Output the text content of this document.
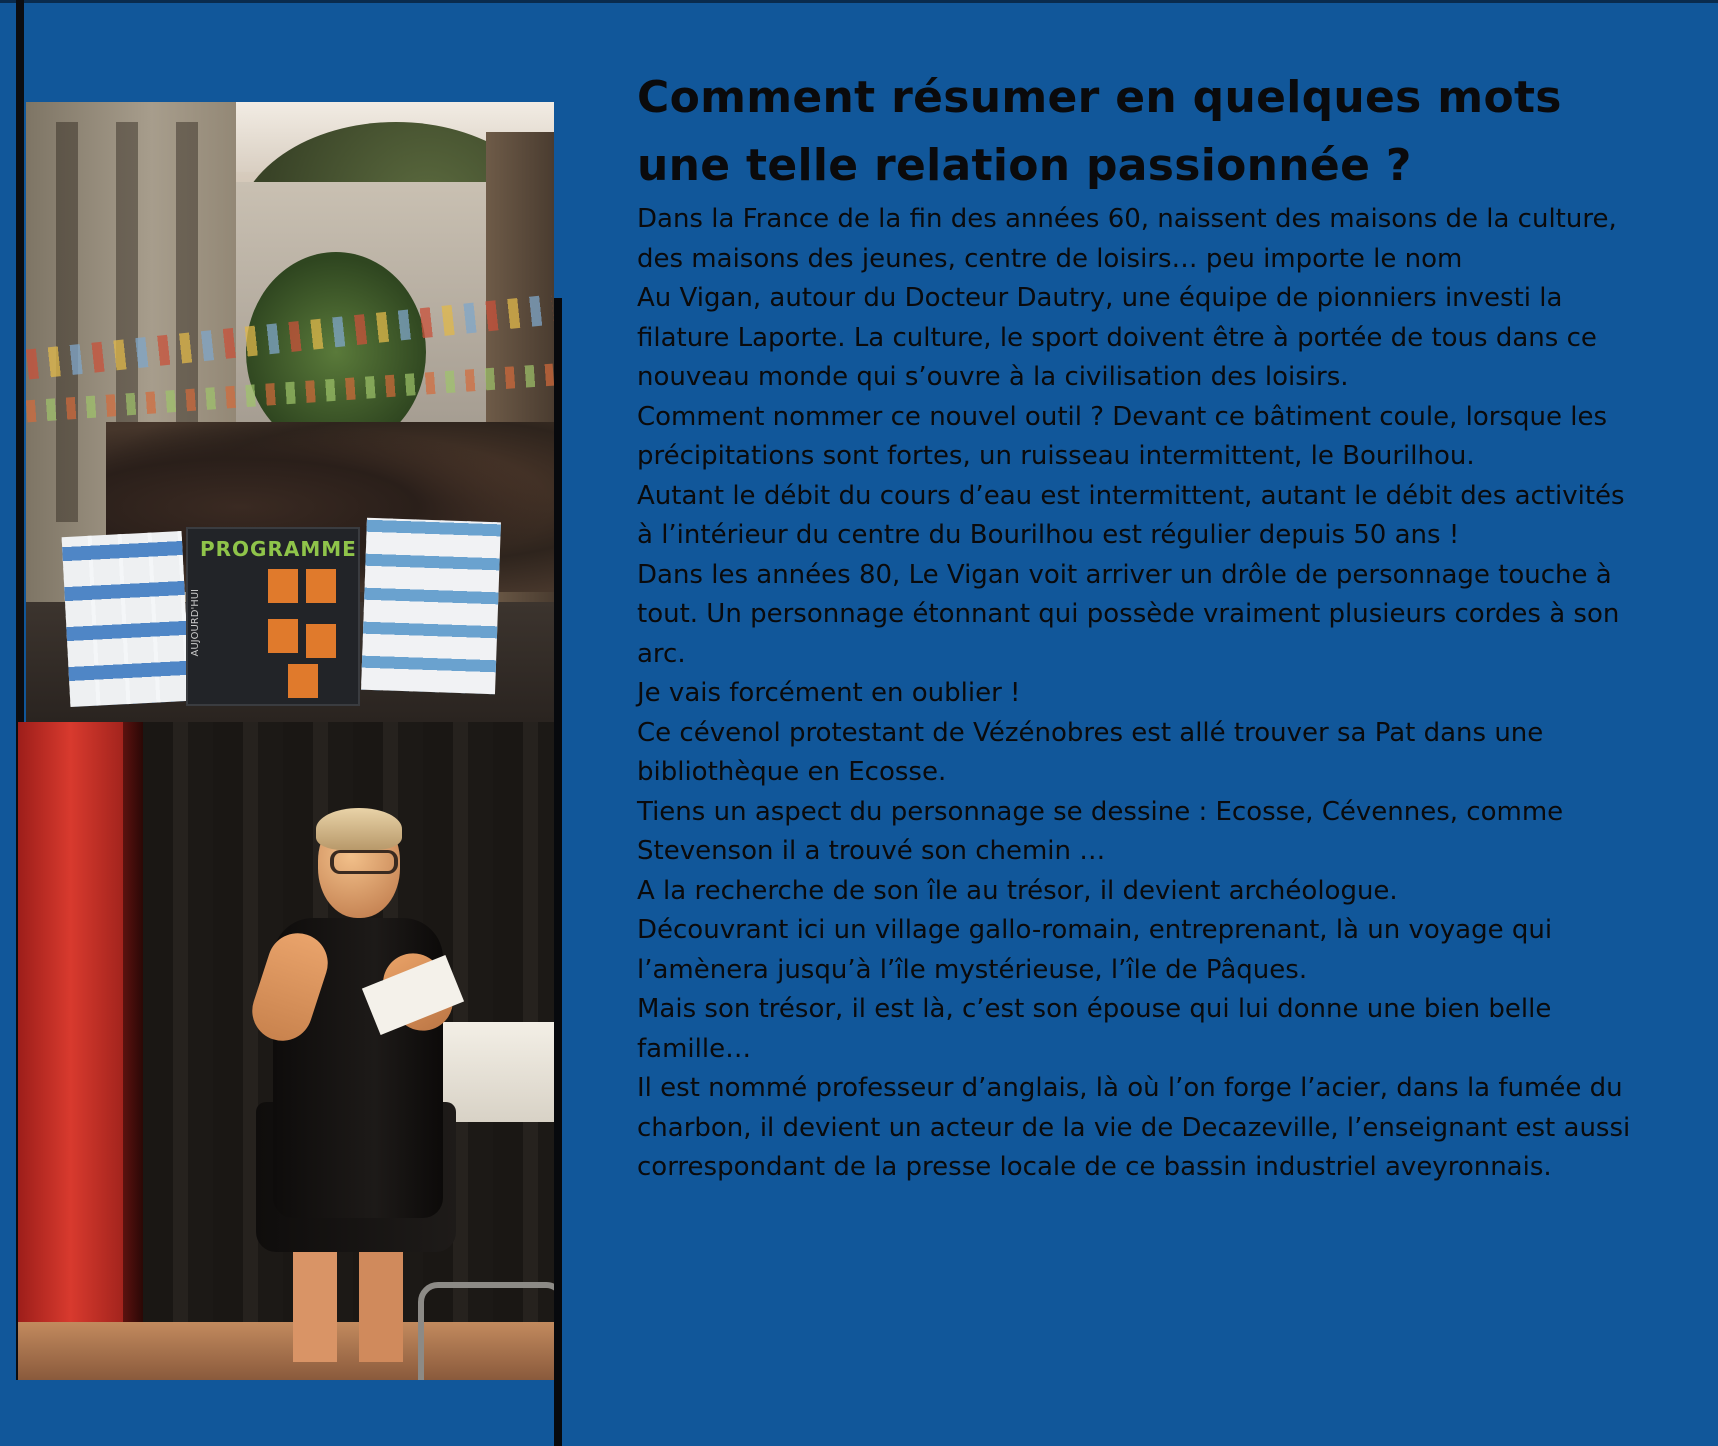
PROGRAMME
AUJOURD'HUI
Comment résumer en quelques mots une telle relation passionnée ?

Dans la France de la fin des années 60, naissent des maisons de la culture, des maisons des jeunes, centre de loisirs… peu importe le nom

Au Vigan, autour du Docteur Dautry, une équipe de pionniers investi la filature Laporte. La culture, le sport doivent être à portée de tous dans ce nouveau monde qui s’ouvre à la civilisation des loisirs.

Comment nommer ce nouvel outil ? Devant ce bâtiment coule, lorsque les précipitations sont fortes, un ruisseau intermittent, le Bourilhou.

Autant le débit du cours d’eau est intermittent, autant le débit des activités à l’intérieur du centre du Bourilhou est régulier depuis 50 ans !

Dans les années 80, Le Vigan voit arriver un drôle de personnage touche à tout. Un personnage étonnant qui possède vraiment plusieurs cordes à son arc.

Je vais forcément en oublier !

Ce cévenol protestant de Vézénobres est allé trouver sa Pat dans une bibliothèque en Ecosse.

Tiens un aspect du personnage se dessine : Ecosse, Cévennes, comme Stevenson il a trouvé son chemin …

A la recherche de son île au trésor, il devient archéologue.

Découvrant ici un village gallo-romain, entreprenant, là un voyage qui l’amènera jusqu’à l’île mystérieuse, l’île de Pâques.

Mais son trésor, il est là, c’est son épouse qui lui donne une bien belle famille…

Il est nommé professeur d’anglais, là où l’on forge l’acier, dans la fumée du charbon, il devient un acteur de la vie de Decazeville, l’enseignant est aussi correspondant de la presse locale de ce bassin industriel aveyronnais.
